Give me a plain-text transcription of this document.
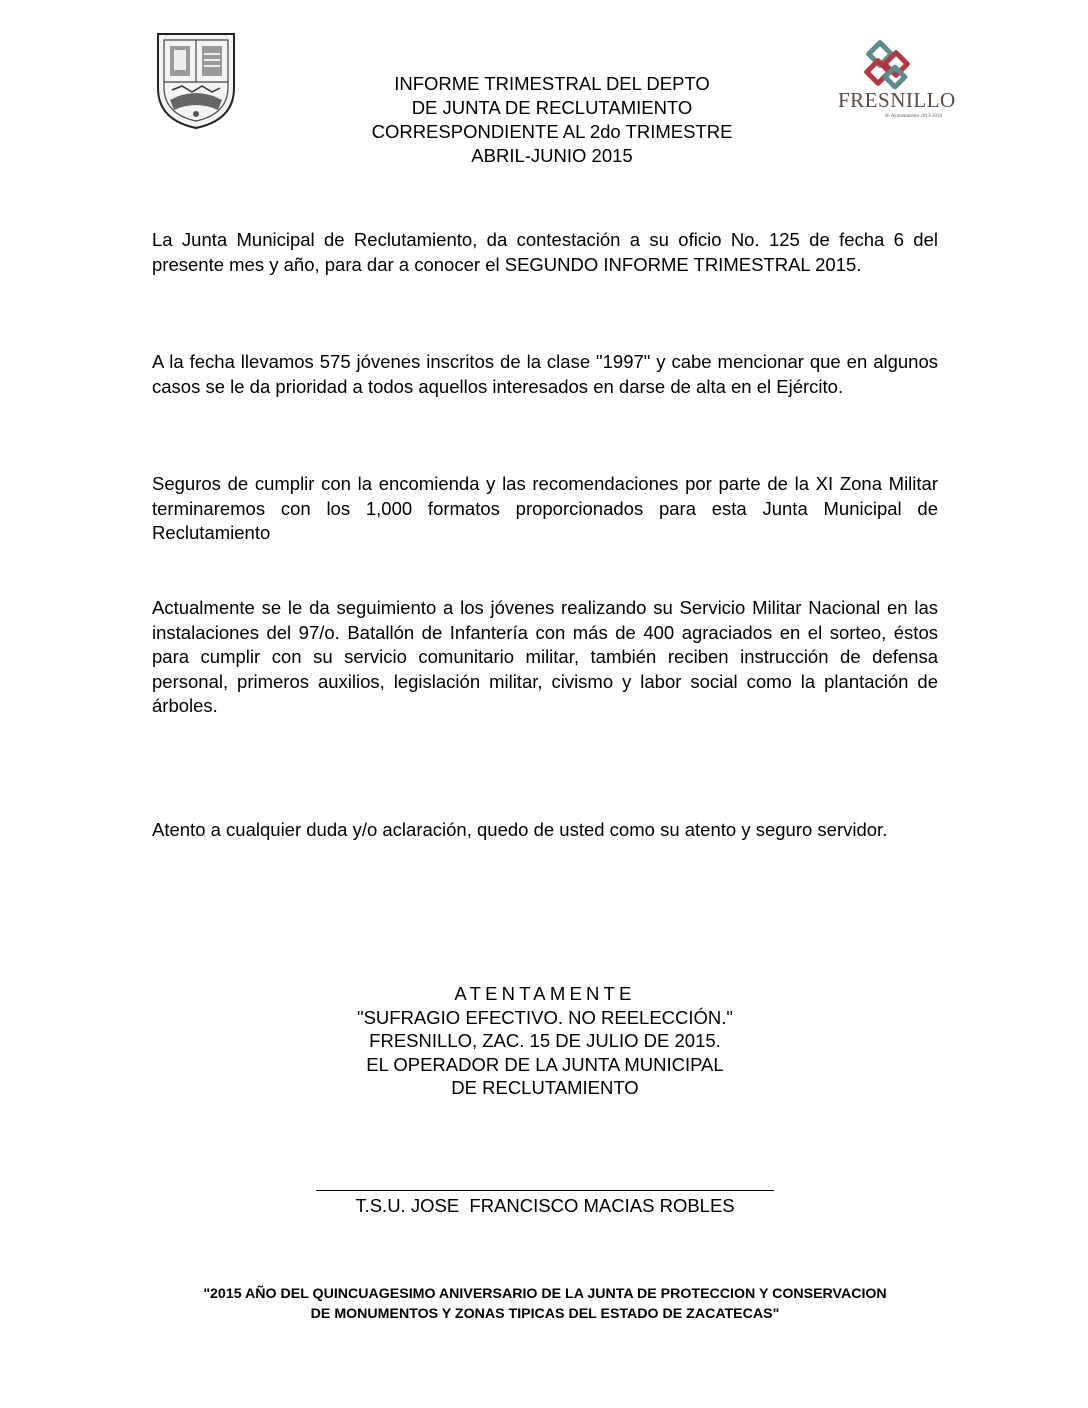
FRESNILLO
H. Ayuntamiento 2013-2016
INFORME TRIMESTRAL DEL DEPTO
DE JUNTA DE RECLUTAMIENTO
CORRESPONDIENTE AL 2do TRIMESTRE
ABRIL-JUNIO 2015
La Junta Municipal de Reclutamiento, da contestación a su oficio No. 125 de fecha 6 del presente mes y año, para dar a conocer el SEGUNDO INFORME TRIMESTRAL 2015.
A la fecha llevamos 575 jóvenes inscritos de la clase "1997" y cabe mencionar que en algunos casos se le da prioridad a todos aquellos interesados en darse de alta en el Ejército.
Seguros de cumplir con la encomienda y las recomendaciones por parte de la XI Zona Militar terminaremos con los 1,000 formatos proporcionados para esta Junta Municipal de Reclutamiento
Actualmente se le da seguimiento a los jóvenes realizando su Servicio Militar Nacional en las instalaciones del 97/o. Batallón de Infantería con más de 400 agraciados en el sorteo, éstos para cumplir con su servicio comunitario militar, también reciben instrucción de defensa personal, primeros auxilios, legislación militar, civismo y labor social como la plantación de árboles.
Atento a cualquier duda y/o aclaración, quedo de usted como su atento y seguro servidor.
ATENTAMENTE
"SUFRAGIO EFECTIVO. NO REELECCIÓN."
FRESNILLO, ZAC. 15 DE JULIO DE 2015.
EL OPERADOR DE LA JUNTA MUNICIPAL
DE RECLUTAMIENTO
T.S.U. JOSE  FRANCISCO MACIAS ROBLES
"2015 AÑO DEL QUINCUAGESIMO ANIVERSARIO DE LA JUNTA DE PROTECCION Y CONSERVACION
DE MONUMENTOS Y ZONAS TIPICAS DEL ESTADO DE ZACATECAS"
